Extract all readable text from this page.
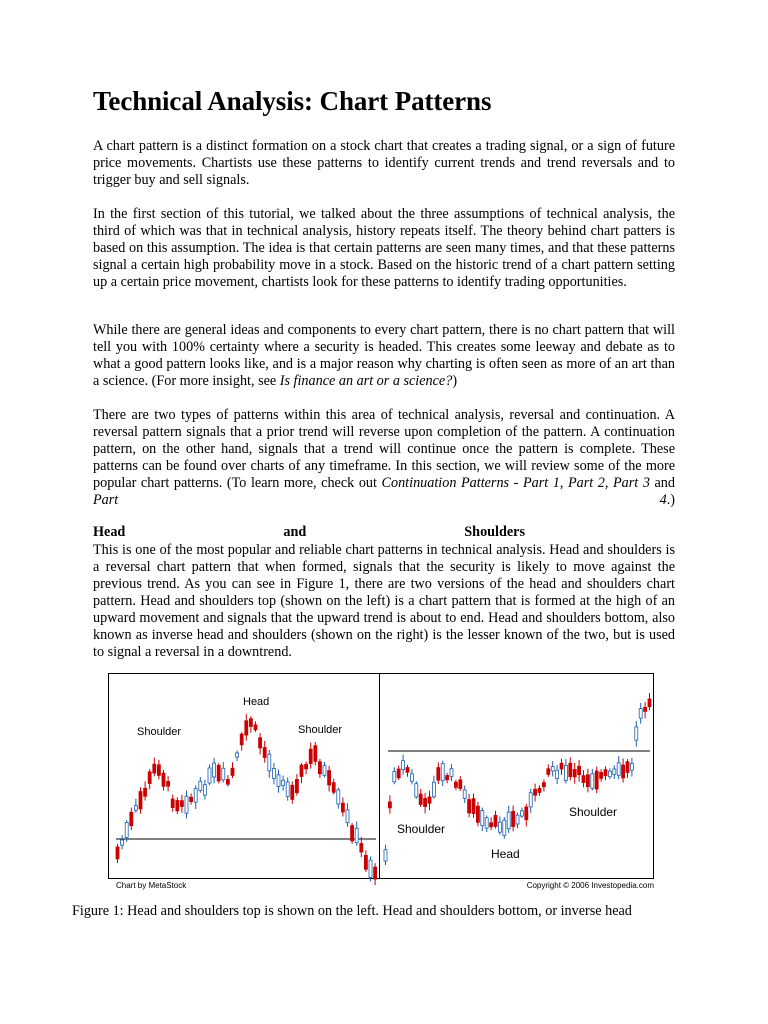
Technical Analysis: Chart Patterns

A chart pattern is a distinct formation on a stock chart that creates a trading signal, or a sign of future price movements. Chartists use these patterns to identify current trends and trend reversals and to trigger buy and sell signals.

In the first section of this tutorial, we talked about the three assumptions of technical analysis, the third of which was that in technical analysis, history repeats itself. The theory behind chart patters is based on this assumption. The idea is that certain patterns are seen many times, and that these patterns signal a certain high probability move in a stock. Based on the historic trend of a chart pattern setting up a certain price movement, chartists look for these patterns to identify trading opportunities.

While there are general ideas and components to every chart pattern, there is no chart pattern that will tell you with 100% certainty where a security is headed. This creates some leeway and debate as to what a good pattern looks like, and is a major reason why charting is often seen as more of an art than a science. (For more insight, see Is finance an art or a science?)

There are two types of patterns within this area of technical analysis, reversal and continuation. A reversal pattern signals that a prior trend will reverse upon completion of the pattern. A continuation pattern, on the other hand, signals that a trend will continue once the pattern is complete. These patterns can be found over charts of any timeframe. In this section, we will review some of the more popular chart patterns. (To learn more, check out Continuation Patterns - Part 1, Part 2, Part 3 and Part 4.)

Head and Shoulders

This is one of the most popular and reliable chart patterns in technical analysis. Head and shoulders is a reversal chart pattern that when formed, signals that the security is likely to move against the previous trend. As you can see in Figure 1, there are two versions of the head and shoulders chart pattern. Head and shoulders top (shown on the left) is a chart pattern that is formed at the high of an upward movement and signals that the upward trend is about to end. Head and shoulders bottom, also known as inverse head and shoulders (shown on the right) is the lesser known of the two, but is used to signal a reversal in a downtrend.

Shoulder
Head
Shoulder
Shoulder
Head
Shoulder
Chart by MetaStock	Copyright © 2006 Investopedia.com

Figure 1: Head and shoulders top is shown on the left. Head and shoulders bottom, or inverse head
